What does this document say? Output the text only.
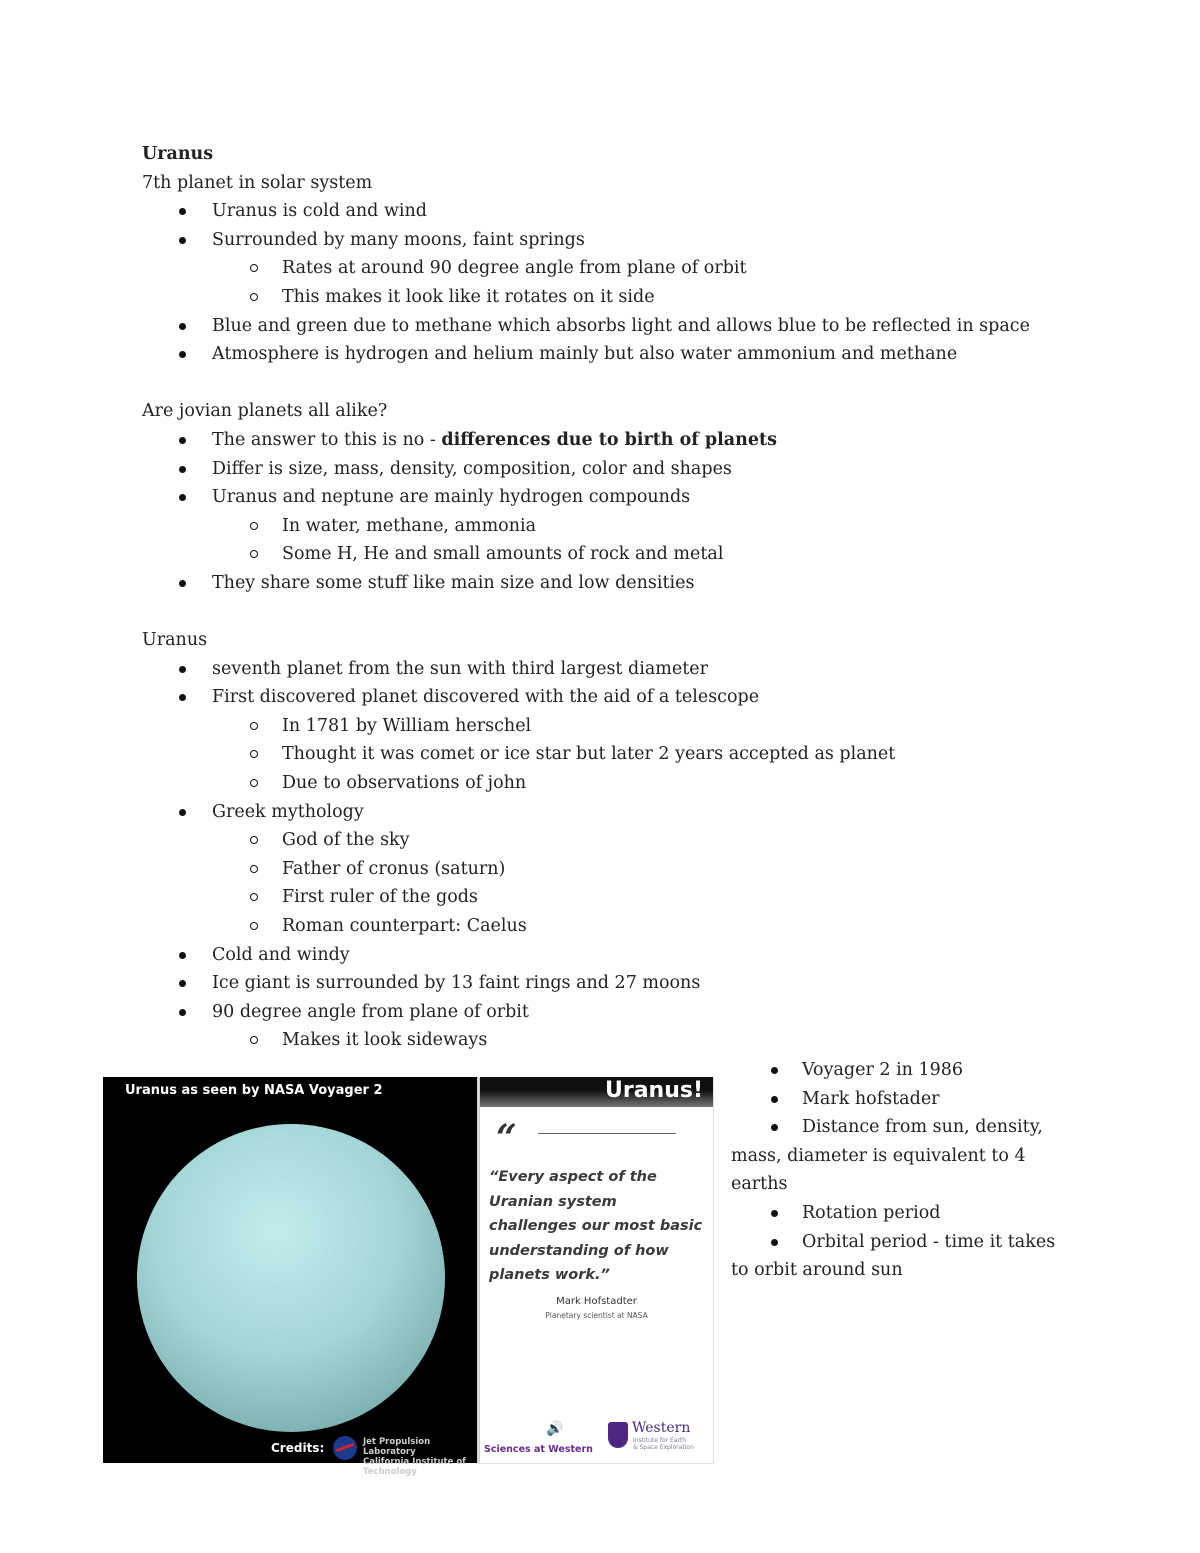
Uranus
7th planet in solar system
Uranus is cold and wind
Surrounded by many moons, faint springs
Rates at around 90 degree angle from plane of orbit
This makes it look like it rotates on it side
Blue and green due to methane which absorbs light and allows blue to be reflected in space
Atmosphere is hydrogen and helium mainly but also water ammonium and methane
Are jovian planets all alike?
The answer to this is no - differences due to birth of planets
Differ is size, mass, density, composition, color and shapes
Uranus and neptune are mainly hydrogen compounds
In water, methane, ammonia
Some H, He and small amounts of rock and metal
They share some stuff like main size and low densities
Uranus
seventh planet from the sun with third largest diameter
First discovered planet discovered with the aid of a telescope
In 1781 by William herschel
Thought it was comet or ice star but later 2 years accepted as planet
Due to observations of john
Greek mythology
God of the sky
Father of cronus (saturn)
First ruler of the gods
Roman counterpart: Caelus
Cold and windy
Ice giant is surrounded by 13 faint rings and 27 moons
90 degree angle from plane of orbit
Makes it look sideways
Uranus as seen by NASA Voyager 2
Credits:	Jet Propulsion Laboratory
California Institute of Technology
Uranus!
“
“Every aspect of the Uranian system challenges our most basic understanding of how planets work.”
Mark Hofstadter
Planetary scientist at NASA
🔊
Sciences at Western
Western
Institute for Earth
& Space Exploration
Voyager 2 in 1986
Mark hofstader
Distance from sun, density,
mass, diameter is equivalent to 4
earths
Rotation period
Orbital period - time it takes
to orbit around sun
